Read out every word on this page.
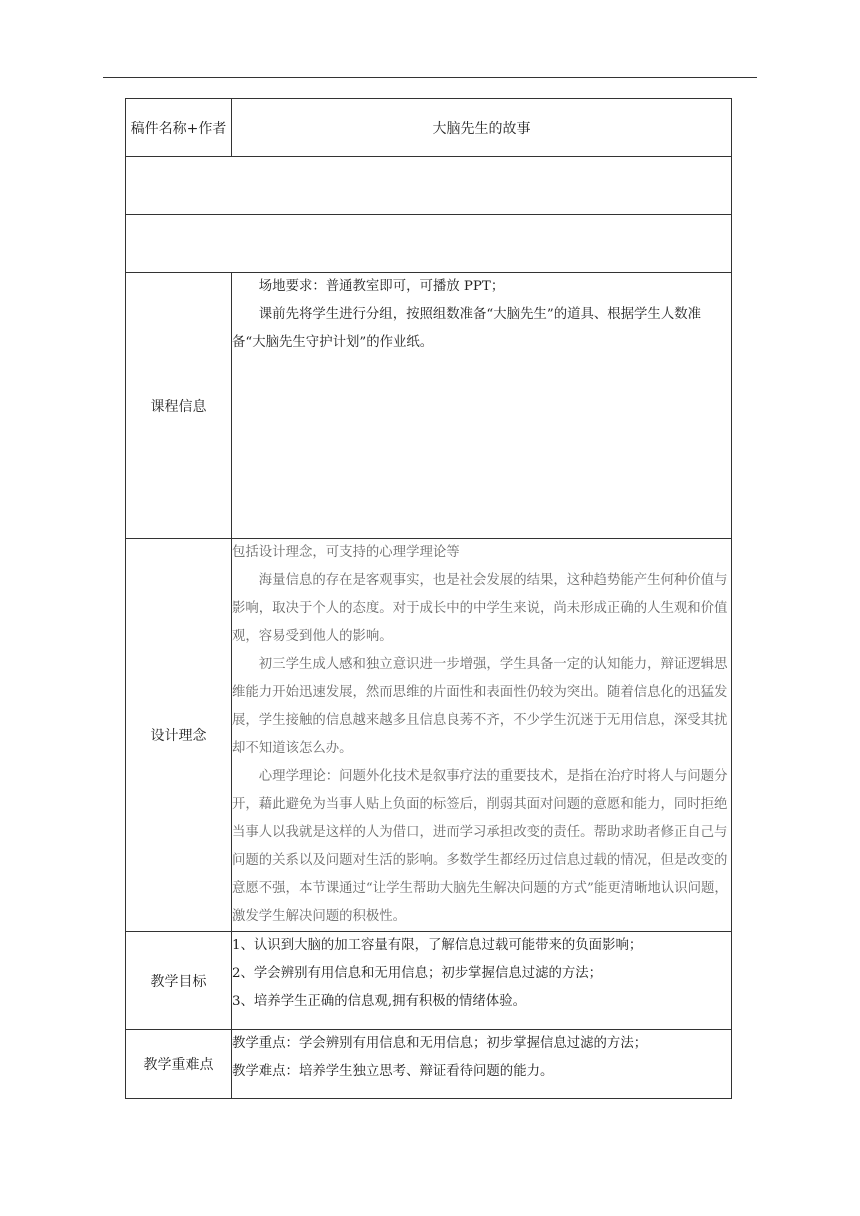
稿件名称+作者	大脑先生的故事

课程信息	场地要求：普通教室即可，可播放 PPT；

课前先将学生进行分组，按照组数准备“大脑先生”的道具、根据学生人数准备“大脑先生守护计划”的作业纸。

设计理念	包括设计理念，可支持的心理学理论等

海量信息的存在是客观事实，也是社会发展的结果，这种趋势能产生何种价值与影响，取决于个人的态度。对于成长中的中学生来说，尚未形成正确的人生观和价值观，容易受到他人的影响。

初三学生成人感和独立意识进一步增强，学生具备一定的认知能力，辩证逻辑思维能力开始迅速发展，然而思维的片面性和表面性仍较为突出。随着信息化的迅猛发展，学生接触的信息越来越多且信息良莠不齐，不少学生沉迷于无用信息，深受其扰却不知道该怎么办。

心理学理论：问题外化技术是叙事疗法的重要技术，是指在治疗时将人与问题分开，藉此避免为当事人贴上负面的标签后，削弱其面对问题的意愿和能力，同时拒绝当事人以我就是这样的人为借口，进而学习承担改变的责任。帮助求助者修正自己与问题的关系以及问题对生活的影响。多数学生都经历过信息过载的情况，但是改变的意愿不强，本节课通过“让学生帮助大脑先生解决问题的方式”能更清晰地认识问题，激发学生解决问题的积极性。

教学目标	1、认识到大脑的加工容量有限，了解信息过载可能带来的负面影响；

2、学会辨别有用信息和无用信息；初步掌握信息过滤的方法；

3、培养学生正确的信息观,拥有积极的情绪体验。

教学重难点	教学重点：学会辨别有用信息和无用信息；初步掌握信息过滤的方法；

教学难点：培养学生独立思考、辩证看待问题的能力。
